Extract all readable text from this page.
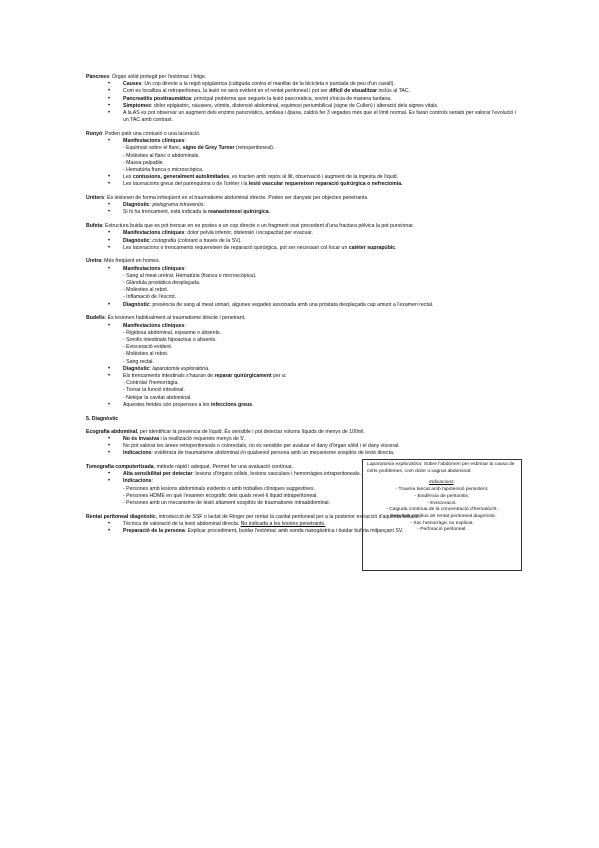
Pàncrees: Òrgan sòlid protegit per l'estómac i fetge.

• Causes: Un cop directe a la regió epigàstrica (cabguda contra el manillar de la bicicleta o puntada de peu d'un cavall).
• Com es localitza al retroperitoneu, la lesió no serà evident en el rentat peritoneal i pot ser difícil de visualitzar inclús al TAC.
• Pancreatitis posttraumàtica: principal problema que segueix la lesió pancreàtica, sovint s'inicia de manera tardana.
• Símptomes: dolor epigàstric, nàusees, vòmits, distensió abdominal, equimosi periumbilical (signe de Cullen) i alteració dels signes vitals.
• A la AS es pot observar un augment dels enzims pancreàtics, amilasa i lipasa, caldrà fer 3 vegades més que el límit normal. Es faran controls seriats per valorar l'evolució i un TAC amb contrast.

Ronyó: Poden patir una contusió o una laceració.

• Manifestacions clíniques:

- Equimosi sobre el flanc, signe de Grey Turner (retroperitoneal).

- Molèsties al flanc o abdominals.

- Massa palpable.

- Hematúria franca o microscòpica.

• Les contusions, generalment autolimitades, es tracten amb repòs al llit, observació i augment de la ingesta de líquid.
• Les laceracions greus del parènquima o de l'urèter i la lesió vascular requereixen reparació quirúrgica o nefrectomia.

Urèters: És lesionen de forma infreqüent en el traumatisme abdominal directe. Poden ser danyats per objectes penetrants.

• Diagnòstic: pielograma intravenós.
• Si hi ha trencament, està indicada la reanastomosi quirúrgica.

Bufeta: Estructura buida que es pot trencar en es postes a un cop directe o un fragment ossi procedent d'una fractura pèlvica la pot puncionar.

• Manifestacions clíniques: dolor pelvià inferior, distensió i incapacitat per evacuar.
• Diagnòstic: cistografia (colorant a través de la SV).
• Les laceracions o trencaments requereixen de reparació quirúrgica, pot ser necessari col·locar un catèter suprapúbic.

Uretra: Més freqüent en homes.

• Manifestacions clíniques:

- Sang al meat uretral. Hematúria (franca o microscòpica).

- Glàndula prostàtica desplaçada.

- Molèsties al rebot.

- Inflamació de l'escrot.

• Diagnòstic: presència de sang al meat urinari, algunes vegades associada amb una pròstata desplaçada cap amunt a l'examen rectal.

Budells: És lesionen habitualment al traumatisme directe i penetrant.

• Manifestacions clíniques:

- Rigidesa abdominal, espasme o absents.

- Sorolls intestinals hipoactius o absents.

- Evisceració evident.

- Molèsties al rebot.

- Sang rectal.

• Diagnòstic: laparotomia exploratòria.
• Els trencaments intestinals s'hauran de reparar quirúrgicament per a:

- Controlar l'hemorràgia.

- Tornar la funció intestinal.

- Netejar la cavitat abdominal.

• Aquestes ferides són propenses a les infeccions greus.

5. Diagnòstic

Ecografia abdominal, per identificar la presència de líquid. És sensible i pot detectar volums líquids de menys de 100ml.

• No és invasiva i la realització requereix menys de 5'.
• No pot valorar les àrees retroperitoneals o colorectals, no és sensible per avaluar el dany d'òrgan sòlid i el dany visceral.
• Indicacions: evidència de traumatisme abdominal i/o qualsevol persona amb un mecanisme sospitós de lesió directa.

Tomografia computeritzada, mètode ràpid i adequat. Permet fer una avaluació contínua.

• Alta sensibilitat per detectar: lesions d'òrgans sòlids, lesions vasculars i hemorràgies intraperitoneals.
• Indicacions:

- Persones amb lesions abdominals evidents o amb troballes clíniques suggestives.

- Persones HDME en què l'examen ecogràfic dels quals revel·li líquid intraperitoneal.

- Persones amb un mecanisme de lesió altament sospitós de traumatisme intraabdominal.

Rentat peritoneal diagnòstic, introducció de SSF o lactat de Ringer per rentar la cavitat peritoneal per a la posterior extracció d'aquesta solució.

• Tècnica de valoració de la lesió abdominal directa. No indicada a les lesions penetrants.
• Preparació de la persona: Explicar procediment, buidar l'estómac amb sonda nasogàstrica i buidar bufeta mitjançant SV.

Laparotomia exploratòria: Sobre l'abdomen per esbrinar la causa de certs problemes, com dolor o sagnat abdominal.

Indicacions:

- Trauma tancat amb hipotensió persistent.

- Evidència de peritonitis.

- Evisceració.

- Caiguda contínua de la concentració d'hematòcrit.

- Resultats positius de rentat peritoneal diagnòstic.

- Xoc hemorràgic no explicat.

- Perforació peritoneal.
